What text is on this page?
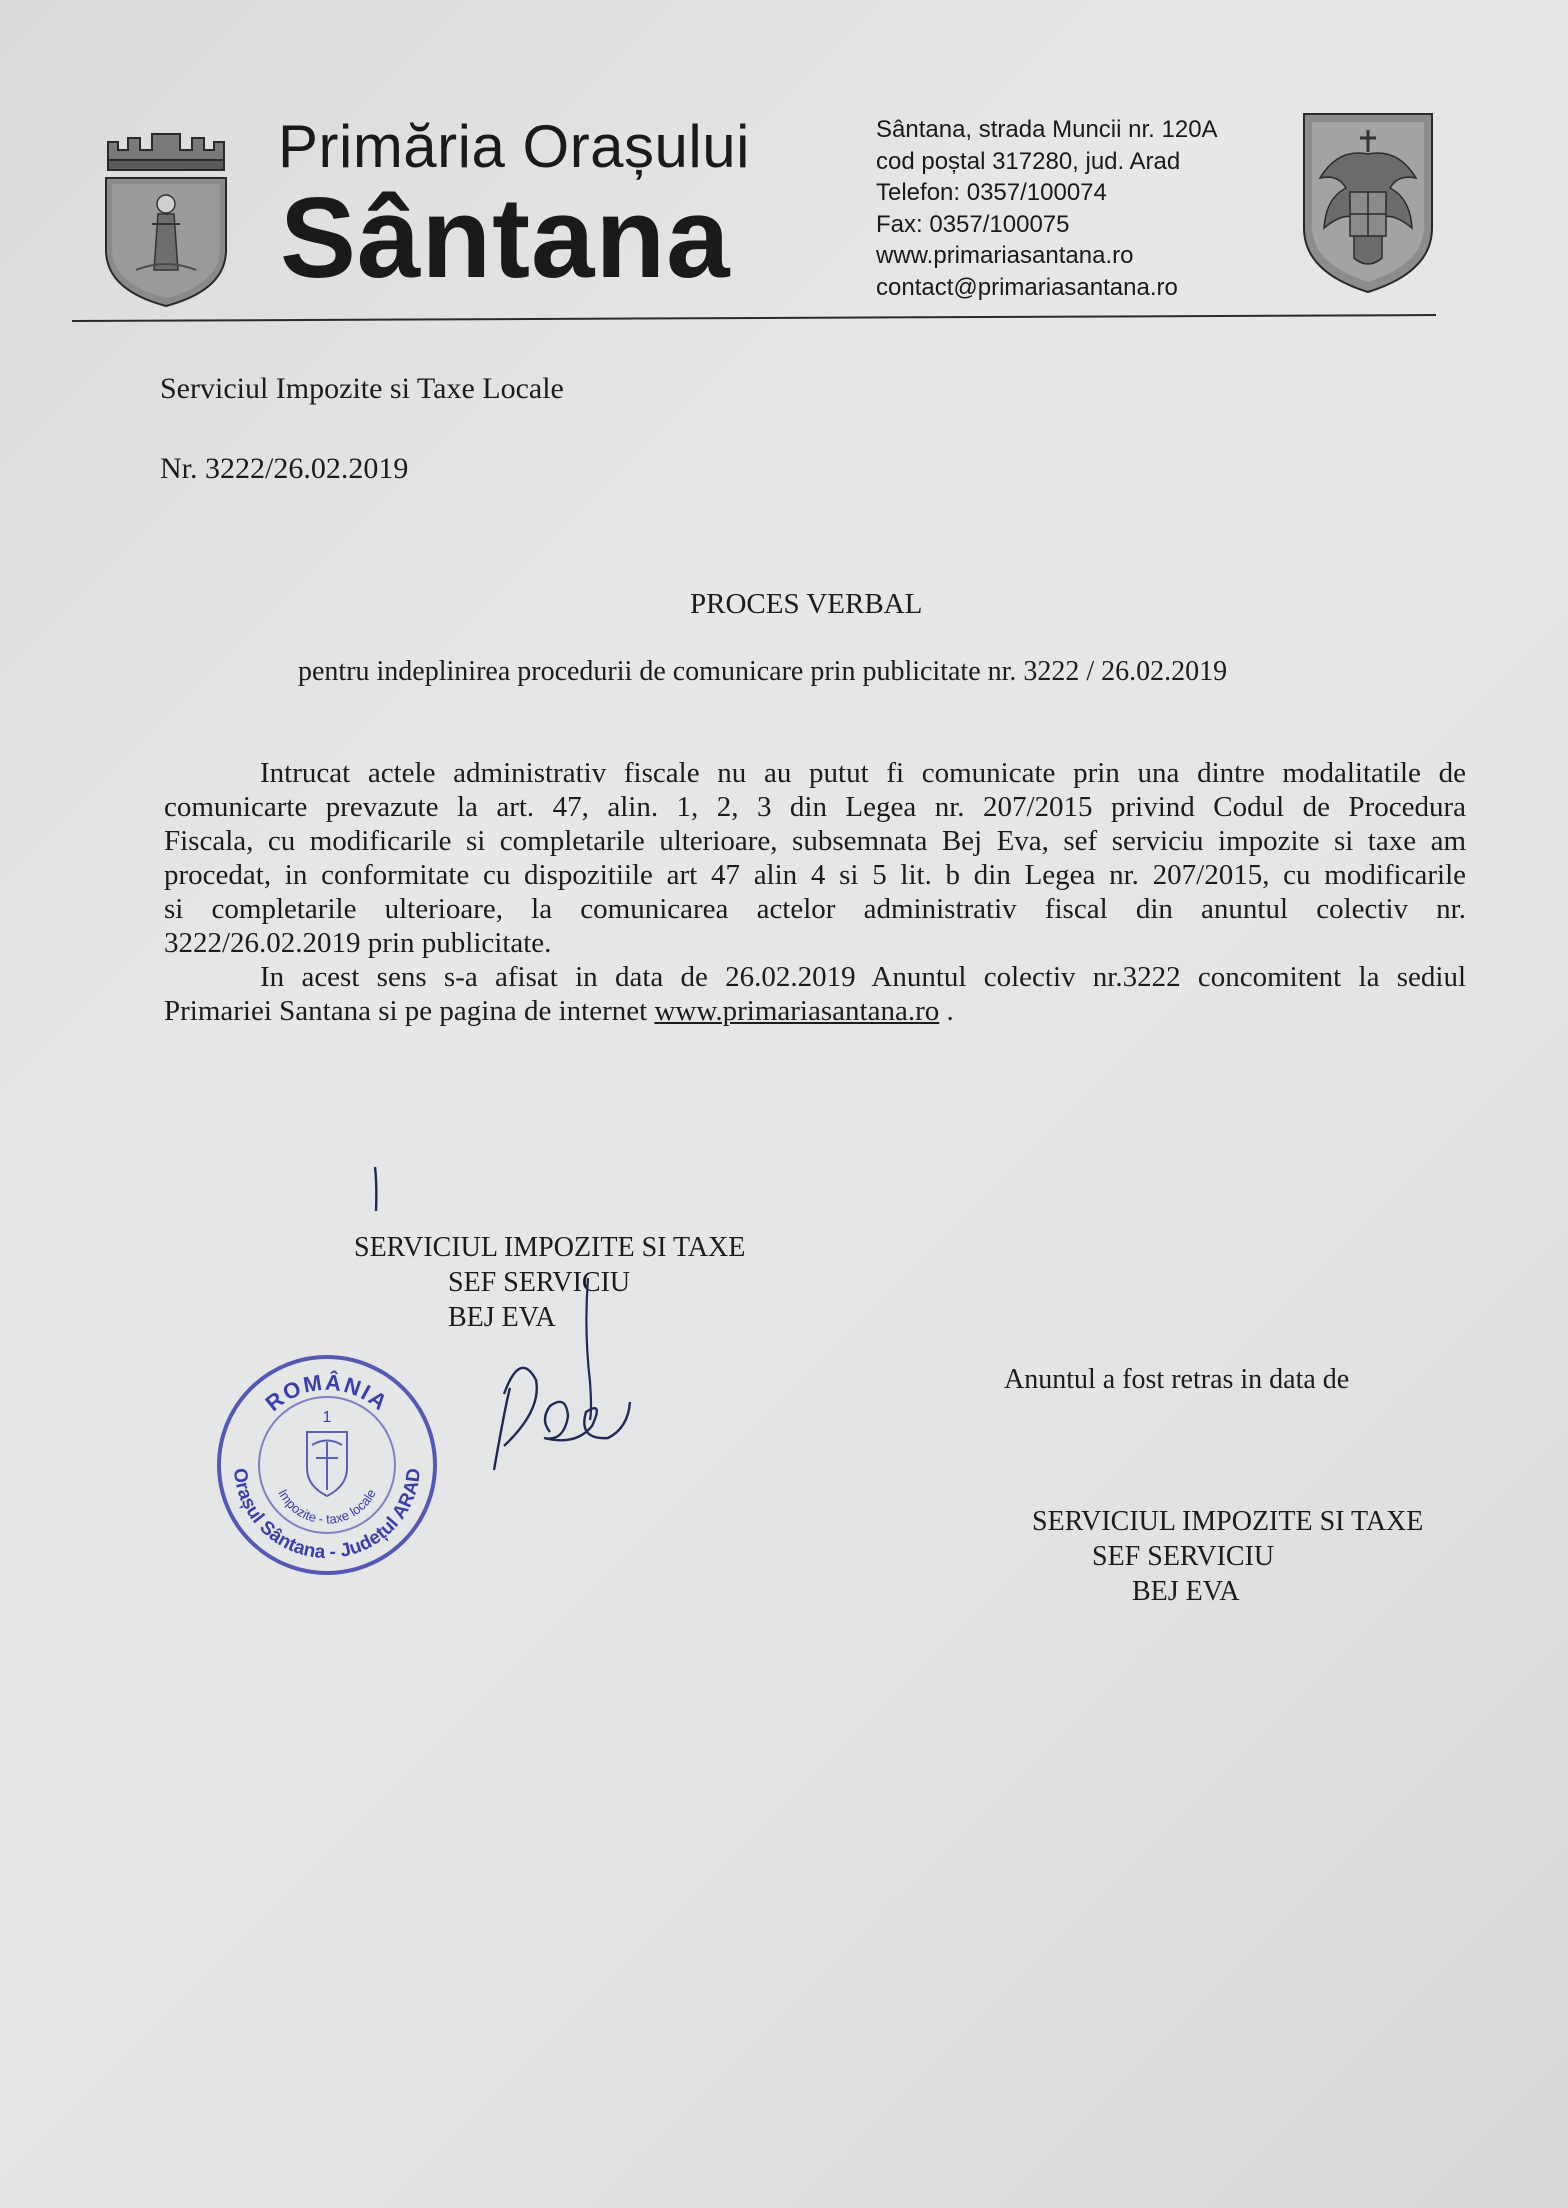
Primăria Orașului
Sântana
Sântana, strada Muncii nr. 120A
cod poștal 317280, jud. Arad
Telefon: 0357/100074
Fax: 0357/100075
www.primariasantana.ro
contact@primariasantana.ro
Serviciul Impozite si Taxe Locale
Nr. 3222/26.02.2019
PROCES VERBAL
pentru indeplinirea procedurii de comunicare prin publicitate nr. 3222 / 26.02.2019
Intrucat actele administrativ fiscale nu au putut fi comunicate prin una dintre modalitatile de
comunicarte prevazute la art. 47, alin. 1, 2, 3 din Legea nr. 207/2015 privind Codul de Procedura
Fiscala, cu modificarile si completarile ulterioare, subsemnata Bej Eva, sef serviciu impozite si taxe am
procedat, in conformitate cu dispozitiile art 47 alin 4 si 5 lit. b din Legea nr. 207/2015, cu modificarile
si completarile ulterioare, la comunicarea actelor administrativ fiscal din anuntul colectiv nr.
3222/26.02.2019 prin publicitate.
In acest sens s-a afisat in data de 26.02.2019 Anuntul colectiv nr.3222 concomitent la sediul
Primariei Santana si pe pagina de internet www.primariasantana.ro .
SERVICIUL IMPOZITE SI TAXE
SEF SERVICIU
BEJ EVA
ROMÂNIA
Orașul Sântana - Județul ARAD
Impozite - taxe locale
1
Anuntul a fost retras in data de
SERVICIUL IMPOZITE SI TAXE
SEF SERVICIU
BEJ EVA
